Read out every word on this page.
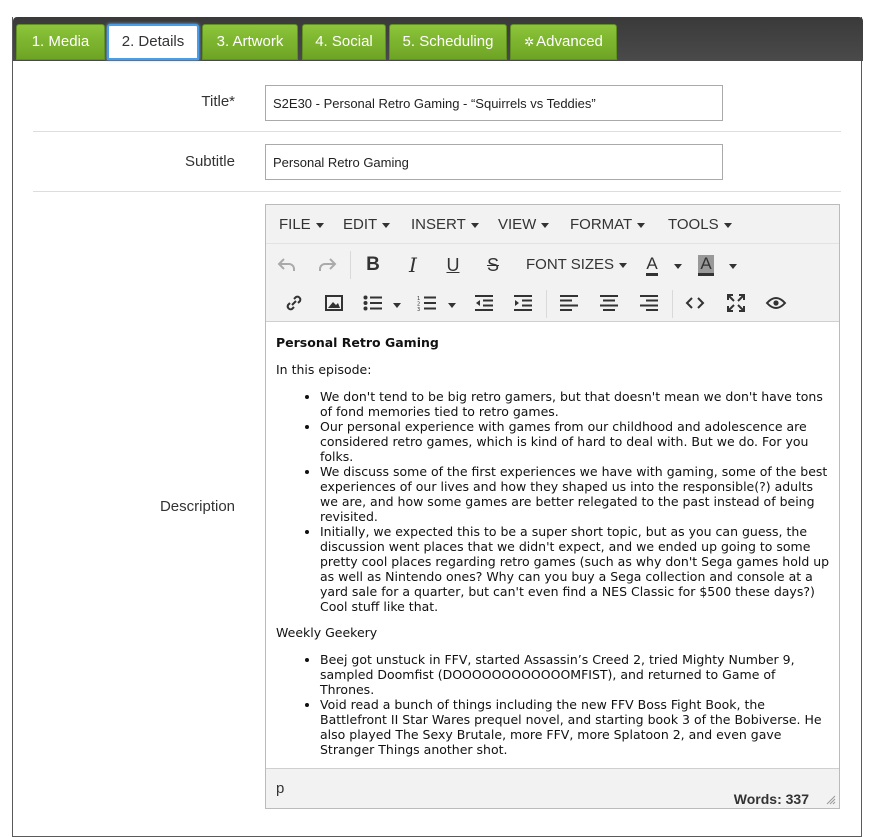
1. Media	2. Details	3. Artwork	4. Social	5. Scheduling	✲ Advanced
Title*
S2E30 - Personal Retro Gaming - “Squirrels vs Teddies”
Subtitle
Personal Retro Gaming
Description
FILE	EDIT	INSERT	VIEW	FORMAT	TOOLS
B	I	U	S	FONT SIZES	A	A
1
2
3

Personal Retro Gaming

In this episode:

• We don't tend to be big retro gamers, but that doesn't mean we don't have tons of fond memories tied to retro games.
• Our personal experience with games from our childhood and adolescence are considered retro games, which is kind of hard to deal with. But we do. For you folks.
• We discuss some of the first experiences we have with gaming, some of the best experiences of our lives and how they shaped us into the responsible(?) adults we are, and how some games are better relegated to the past instead of being revisited.
• Initially, we expected this to be a super short topic, but as you can guess, the discussion went places that we didn't expect, and we ended up going to some pretty cool places regarding retro games (such as why don't Sega games hold up as well as Nintendo ones? Why can you buy a Sega collection and console at a yard sale for a quarter, but can't even find a NES Classic for $500 these days?) Cool stuff like that.

Weekly Geekery

• Beej got unstuck in FFV, started Assassin’s Creed 2, tried Mighty Number 9, sampled Doomfist (DOOOOOOOOOOOOMFIST), and returned to Game of Thrones.
• Void read a bunch of things including the new FFV Boss Fight Book, the Battlefront II Star Wares prequel novel, and starting book 3 of the Bobiverse. He also played The Sexy Brutale, more FFV, more Splatoon 2, and even gave Stranger Things another shot.

p
Words: 337
